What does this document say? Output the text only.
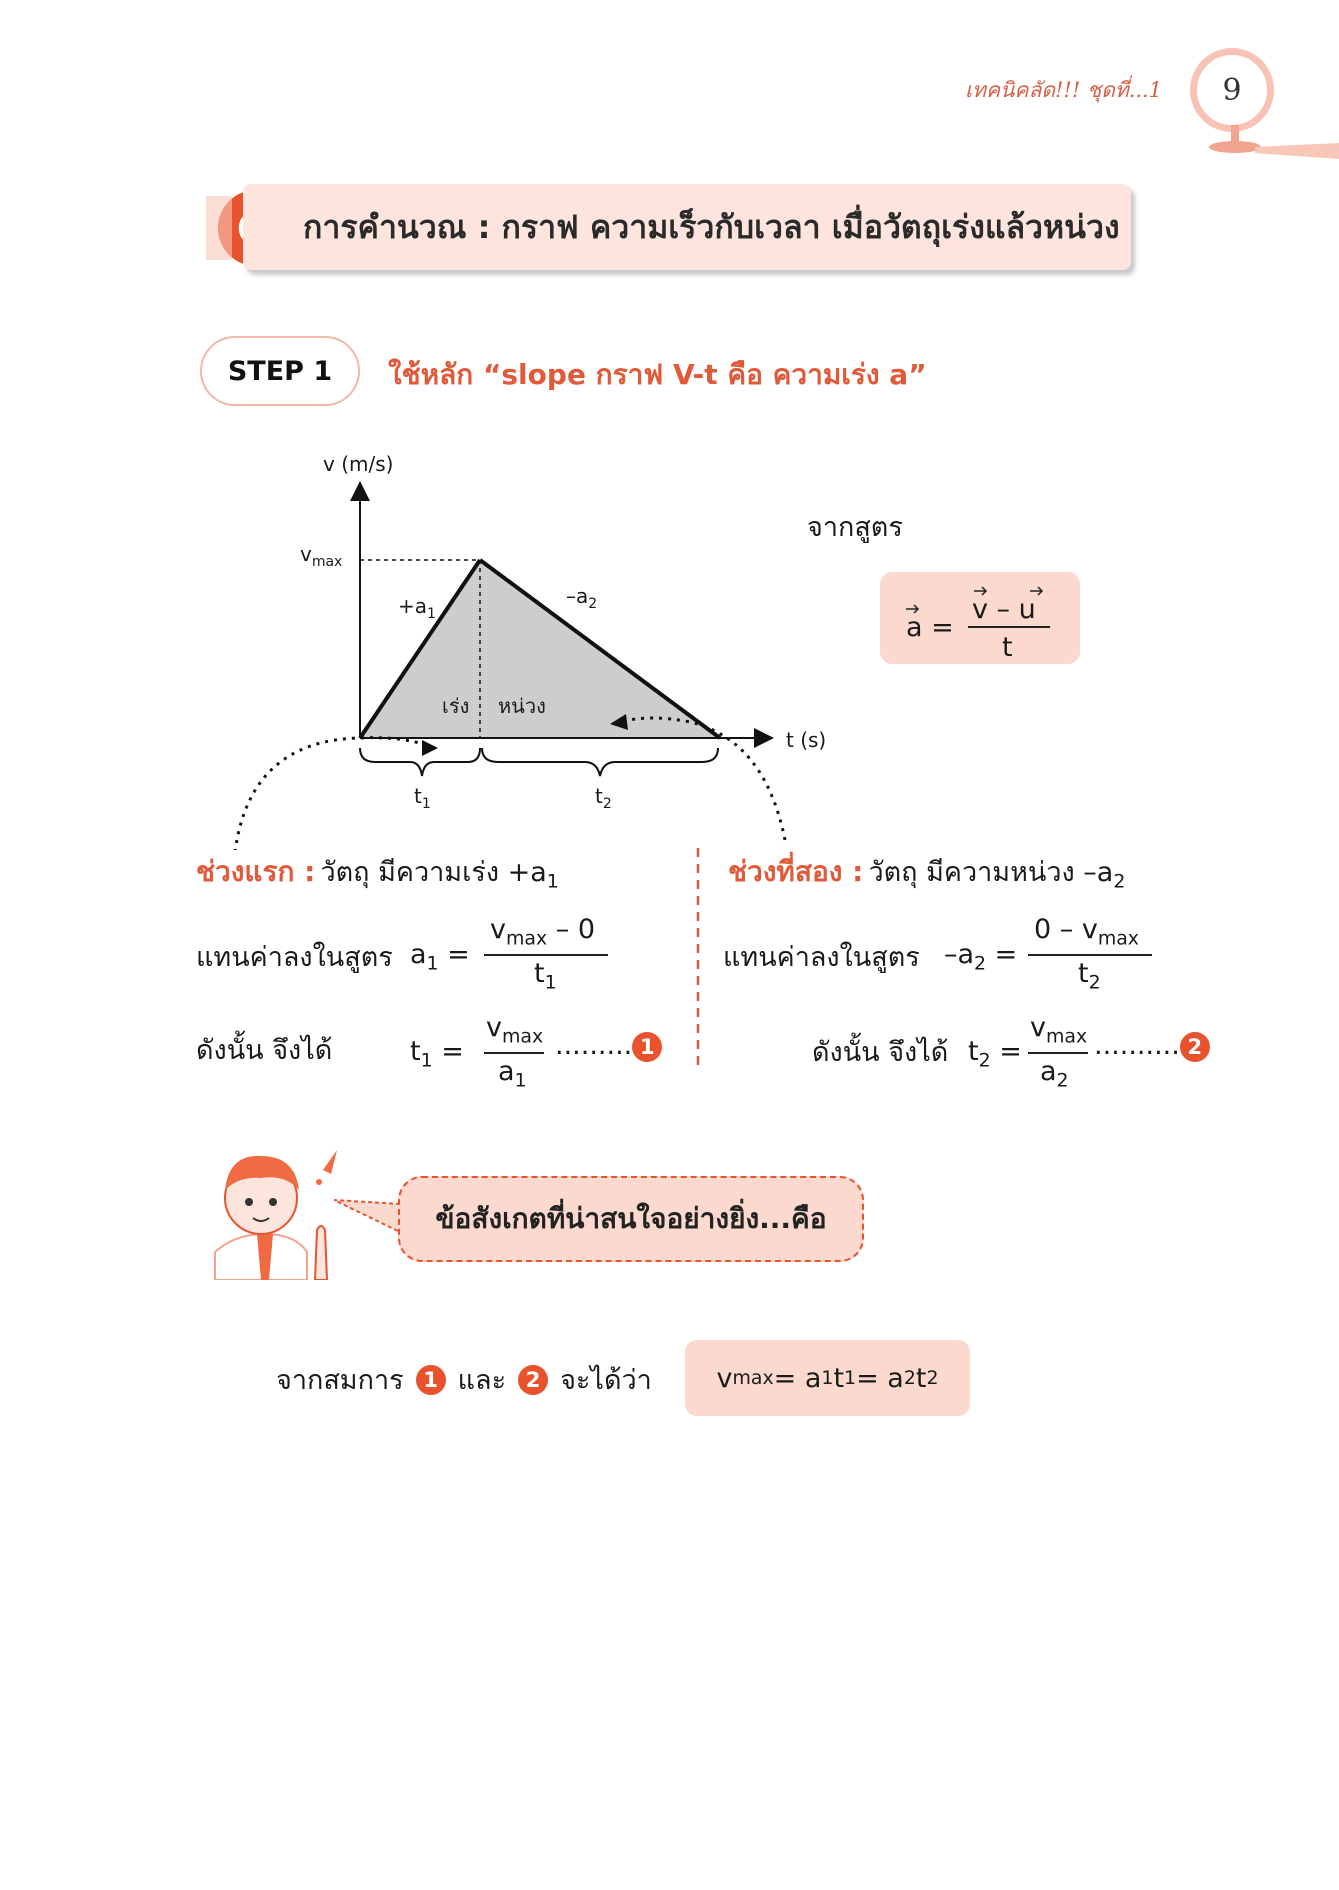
เทคนิคลัด!!! ชุดที่...1	9
การคำนวณ : กราฟ ความเร็วกับเวลา เมื่อวัตถุเร่งแล้วหน่วง
STEP 1	ใช้หลัก “slope กราฟ V-t คือ ความเร่ง a”
v (m/s)
t (s)
$v_{max}$
$+a_1$
$-a_2$
เร่ง หน่วง
$t_1$	$t_2$
จากสูตร
a =
v – u
t
ช่วงแรก : วัตถุ มีความเร่ง $+a_1$
แทนค่าลงในสูตร $a_1$ =
$v_{max} - 0$
$t_1$
ดังนั้น จึงได้	$t_1$ =
$v_{max}$
$a_1$
......... 1
ช่วงที่สอง : วัตถุ มีความหน่วง $-a_2$
แทนค่าลงในสูตร $-a_2$ =
$0 - v_{max}$
$t_2$
ดังนั้น จึงได้ $t_2$ =
$v_{max}$
$a_2$
.......... 2
ข้อสังเกตที่น่าสนใจอย่างยิ่ง...คือ
จากสมการ 1 และ 2 จะได้ว่า v max = a 1 t 1 = a 2 t 2
